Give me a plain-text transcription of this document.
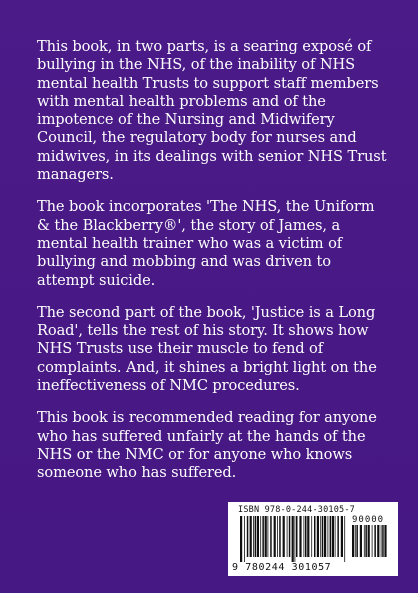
This book, in two parts, is a searing exposé of bullying in the NHS, of the inability of NHS mental health Trusts to support staff members with mental health problems and of the impotence of the Nursing and Midwifery Council, the regulatory body for nurses and midwives, in its dealings with senior NHS Trust managers.

The book incorporates 'The NHS, the Uniform & the Blackberry®', the story of James, a mental health trainer who was a victim of bullying and mobbing and was driven to attempt suicide.

The second part of the book, 'Justice is a Long Road', tells the rest of his story. It shows how NHS Trusts use their muscle to fend of complaints. And, it shines a bright light on the ineffectiveness of NMC procedures.

This book is recommended reading for anyone who has suffered unfairly at the hands of the NHS or the NMC or for anyone who knows someone who has suffered.

ISBN 978-0-244-30105-7
90000
9 780244 301057
